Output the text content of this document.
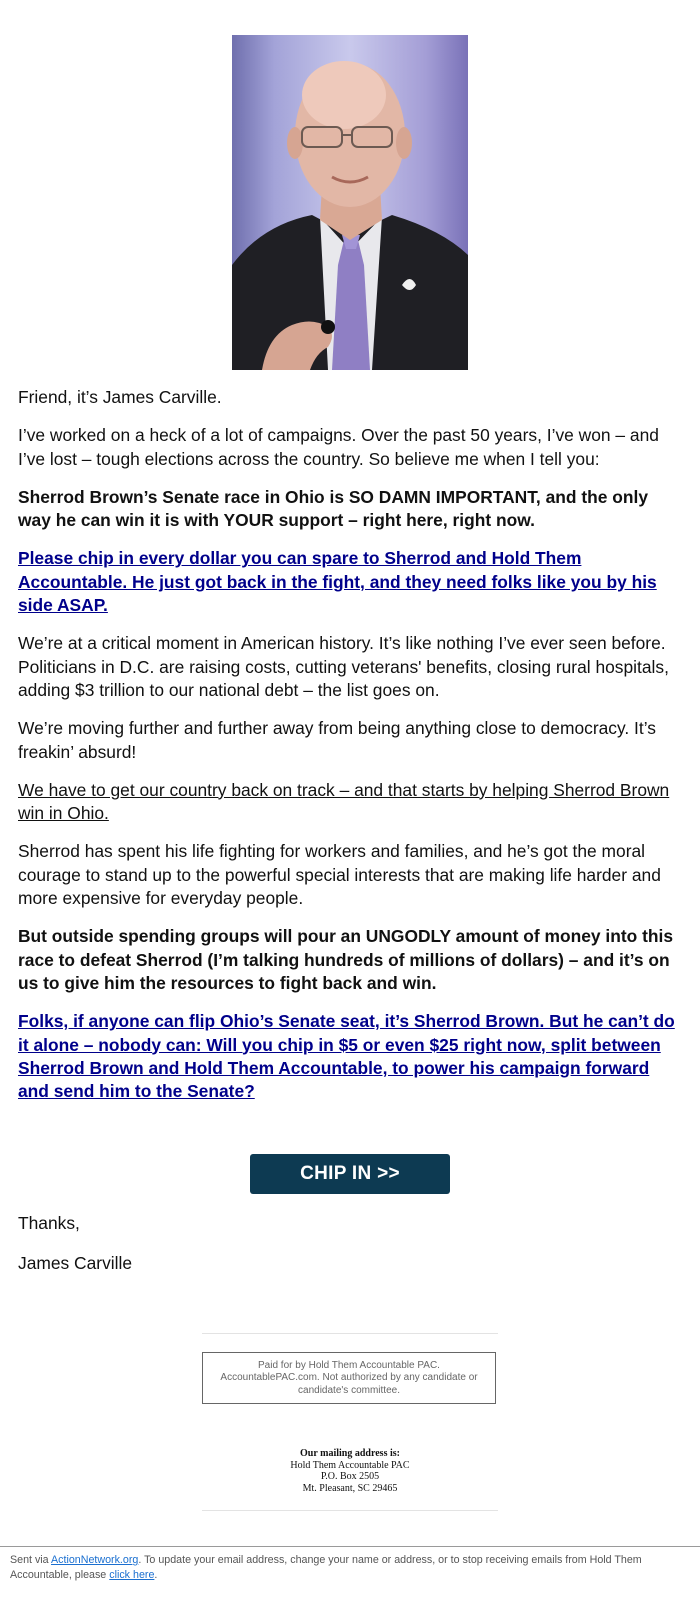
Friend, it’s James Carville.

I’ve worked on a heck of a lot of campaigns. Over the past 50 years, I’ve won – and I’ve lost – tough elections across the country. So believe me when I tell you:

Sherrod Brown’s Senate race in Ohio is SO DAMN IMPORTANT, and the only way he can win it is with YOUR support – right here, right now.

Please chip in every dollar you can spare to Sherrod and Hold Them Accountable. He just got back in the fight, and they need folks like you by his side ASAP.

We’re at a critical moment in American history. It’s like nothing I’ve ever seen before. Politicians in D.C. are raising costs, cutting veterans' benefits, closing rural hospitals, adding $3 trillion to our national debt – the list goes on.

We’re moving further and further away from being anything close to democracy. It’s freakin’ absurd!

We have to get our country back on track – and that starts by helping Sherrod Brown win in Ohio.

Sherrod has spent his life fighting for workers and families, and he’s got the moral courage to stand up to the powerful special interests that are making life harder and more expensive for everyday people.

But outside spending groups will pour an UNGODLY amount of money into this race to defeat Sherrod (I’m talking hundreds of millions of dollars) – and it’s on us to give him the resources to fight back and win.

Folks, if anyone can flip Ohio’s Senate seat, it’s Sherrod Brown. But he can’t do it alone – nobody can: Will you chip in $5 or even $25 right now, split between Sherrod Brown and Hold Them Accountable, to power his campaign forward and send him to the Senate?

CHIP IN >>

Thanks,

James Carville

Paid for by Hold Them Accountable PAC. AccountablePAC.com. Not authorized by any candidate or candidate's committee.
Our mailing address is:
Hold Them Accountable PAC
P.O. Box 2505
Mt. Pleasant, SC 29465
Sent via ActionNetwork.org. To update your email address, change your name or address, or to stop receiving emails from Hold Them Accountable, please click here.
